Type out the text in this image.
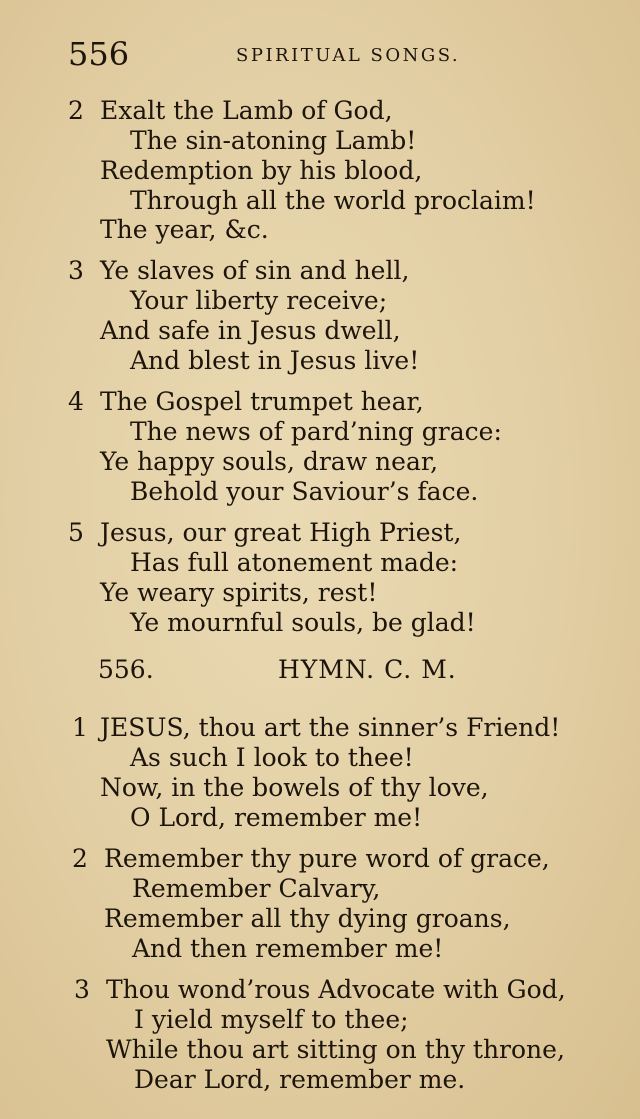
556	SPIRITUAL SONGS.
2 Exalt the Lamb of God,
The sin-atoning Lamb!
Redemption by his blood,
Through all the world proclaim!
The year, &c.
3 Ye slaves of sin and hell,
Your liberty receive;
And safe in Jesus dwell,
And blest in Jesus live!
4 The Gospel trumpet hear,
The news of pard’ning grace:
Ye happy souls, draw near,
Behold your Saviour’s face.
5 Jesus, our great High Priest,
Has full atonement made:
Ye weary spirits, rest!
Ye mournful souls, be glad!
556.	HYMN. C. M.
1 JESUS, thou art the sinner’s Friend!
As such I look to thee!
Now, in the bowels of thy love,
O Lord, remember me!
2 Remember thy pure word of grace,
Remember Calvary,
Remember all thy dying groans,
And then remember me!
3 Thou wond’rous Advocate with God,
I yield myself to thee;
While thou art sitting on thy throne,
Dear Lord, remember me.
